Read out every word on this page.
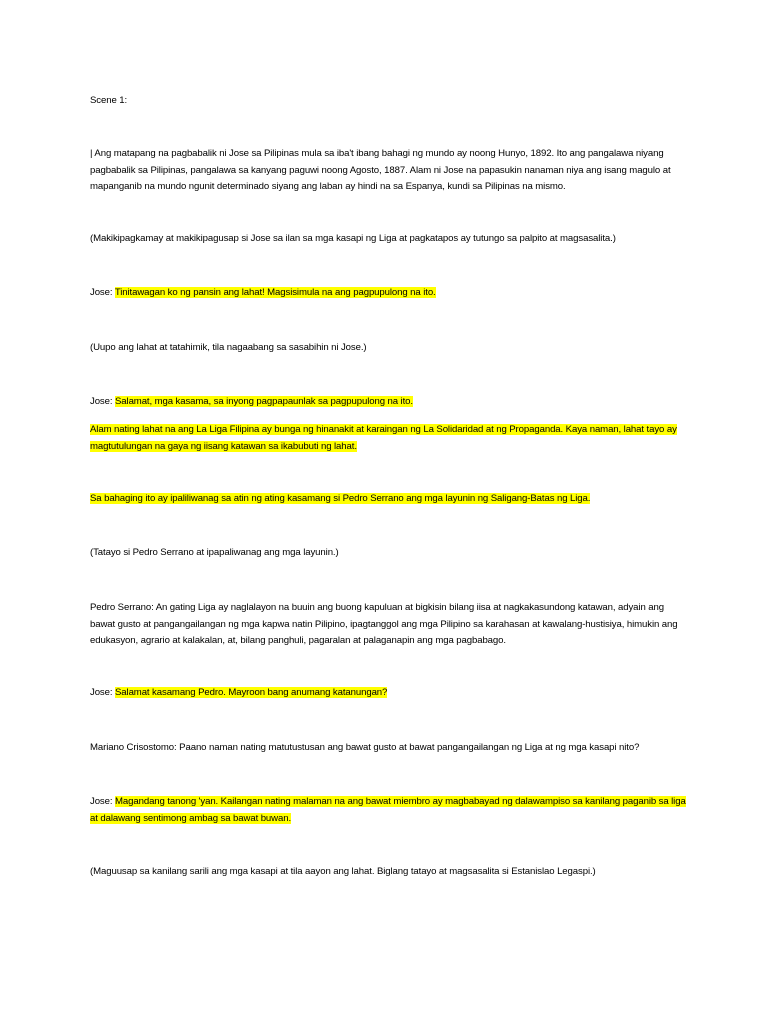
Scene 1:

| Ang matapang na pagbabalik ni Jose sa Pilipinas mula sa iba't ibang bahagi ng mundo ay noong Hunyo, 1892. Ito ang pangalawa niyang pagbabalik sa Pilipinas, pangalawa sa kanyang paguwi noong Agosto, 1887. Alam ni Jose na papasukin nanaman niya ang isang magulo at mapanganib na mundo ngunit determinado siyang ang laban ay hindi na sa Espanya, kundi sa Pilipinas na mismo.

(Makikipagkamay at makikipagusap si Jose sa ilan sa mga kasapi ng Liga at pagkatapos ay tutungo sa palpito at magsasalita.)

Jose: Tinitawagan ko ng pansin ang lahat! Magsisimula na ang pagpupulong na ito.

(Uupo ang lahat at tatahimik, tila nagaabang sa sasabihin ni Jose.)

Jose: Salamat, mga kasama, sa inyong pagpapaunlak sa pagpupulong na ito.

Alam nating lahat na ang La Liga Filipina ay bunga ng hinanakit at karaingan ng La Solidaridad at ng Propaganda. Kaya naman, lahat tayo ay magtutulungan na gaya ng iisang katawan sa ikabubuti ng lahat.

Sa bahaging ito ay ipaliliwanag sa atin ng ating kasamang si Pedro Serrano ang mga layunin ng Saligang-Batas ng Liga.

(Tatayo si Pedro Serrano at ipapaliwanag ang mga layunin.)

Pedro Serrano: An gating Liga ay naglalayon na buuin ang buong kapuluan at bigkisin bilang iisa at nagkakasundong katawan, adyain ang bawat gusto at pangangailangan ng mga kapwa natin Pilipino, ipagtanggol ang mga Pilipino sa karahasan at kawalang-hustisiya, himukin ang edukasyon, agrario at kalakalan, at, bilang panghuli, pagaralan at palaganapin ang mga pagbabago.

Jose: Salamat kasamang Pedro. Mayroon bang anumang katanungan?

Mariano Crisostomo: Paano naman nating matutustusan ang bawat gusto at bawat pangangailangan ng Liga at ng mga kasapi nito?

Jose: Magandang tanong 'yan. Kailangan nating malaman na ang bawat miembro ay magbabayad ng dalawampiso sa kanilang paganib sa liga at dalawang sentimong ambag sa bawat buwan.

(Maguusap sa kanilang sarili ang mga kasapi at tila aayon ang lahat. Biglang tatayo at magsasalita si Estanislao Legaspi.)
